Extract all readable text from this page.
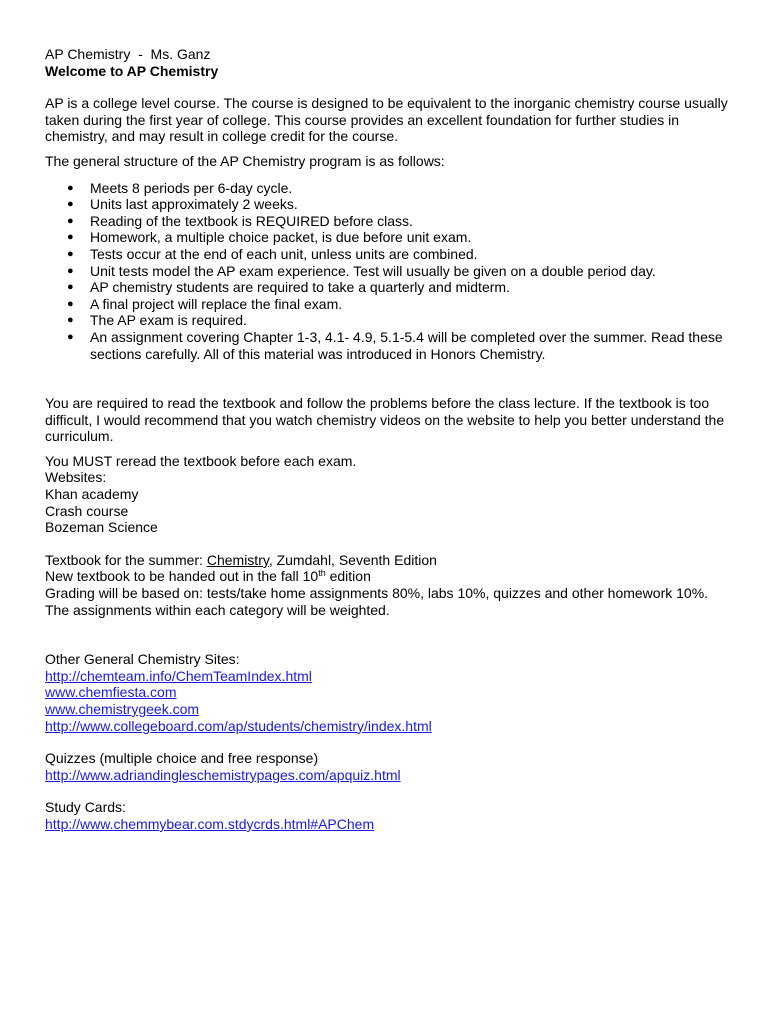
AP Chemistry  -  Ms. Ganz

Welcome to AP Chemistry

AP is a college level course. The course is designed to be equivalent to the inorganic chemistry course usually taken during the first year of college. This course provides an excellent foundation for further studies in chemistry, and may result in college credit for the course.

The general structure of the AP Chemistry program is as follows:

● Meets 8 periods per 6-day cycle.
● Units last approximately 2 weeks.
● Reading of the textbook is REQUIRED before class.
● Homework, a multiple choice packet, is due before unit exam.
● Tests occur at the end of each unit, unless units are combined.
● Unit tests model the AP exam experience. Test will usually be given on a double period day.
● AP chemistry students are required to take a quarterly and midterm.
● A final project will replace the final exam.
● The AP exam is required.
● An assignment covering Chapter 1-3, 4.1- 4.9, 5.1-5.4 will be completed over the summer. Read these sections carefully. All of this material was introduced in Honors Chemistry.

You are required to read the textbook and follow the problems before the class lecture. If the textbook is too difficult, I would recommend that you watch chemistry videos on the website to help you better understand the curriculum.

You MUST reread the textbook before each exam.

Websites:

Khan academy

Crash course

Bozeman Science

Textbook for the summer: Chemistry, Zumdahl, Seventh Edition

New textbook to be handed out in the fall 10th edition

Grading will be based on: tests/take home assignments 80%, labs 10%, quizzes and other homework 10%.

The assignments within each category will be weighted.

Other General Chemistry Sites:

http://chemteam.info/ChemTeamIndex.html
www.chemfiesta.com
www.chemistrygeek.com
http://www.collegeboard.com/ap/students/chemistry/index.html

Quizzes (multiple choice and free response)

http://www.adriandingleschemistrypages.com/apquiz.html

Study Cards:

http://www.chemmybear.com.stdycrds.html#APChem
